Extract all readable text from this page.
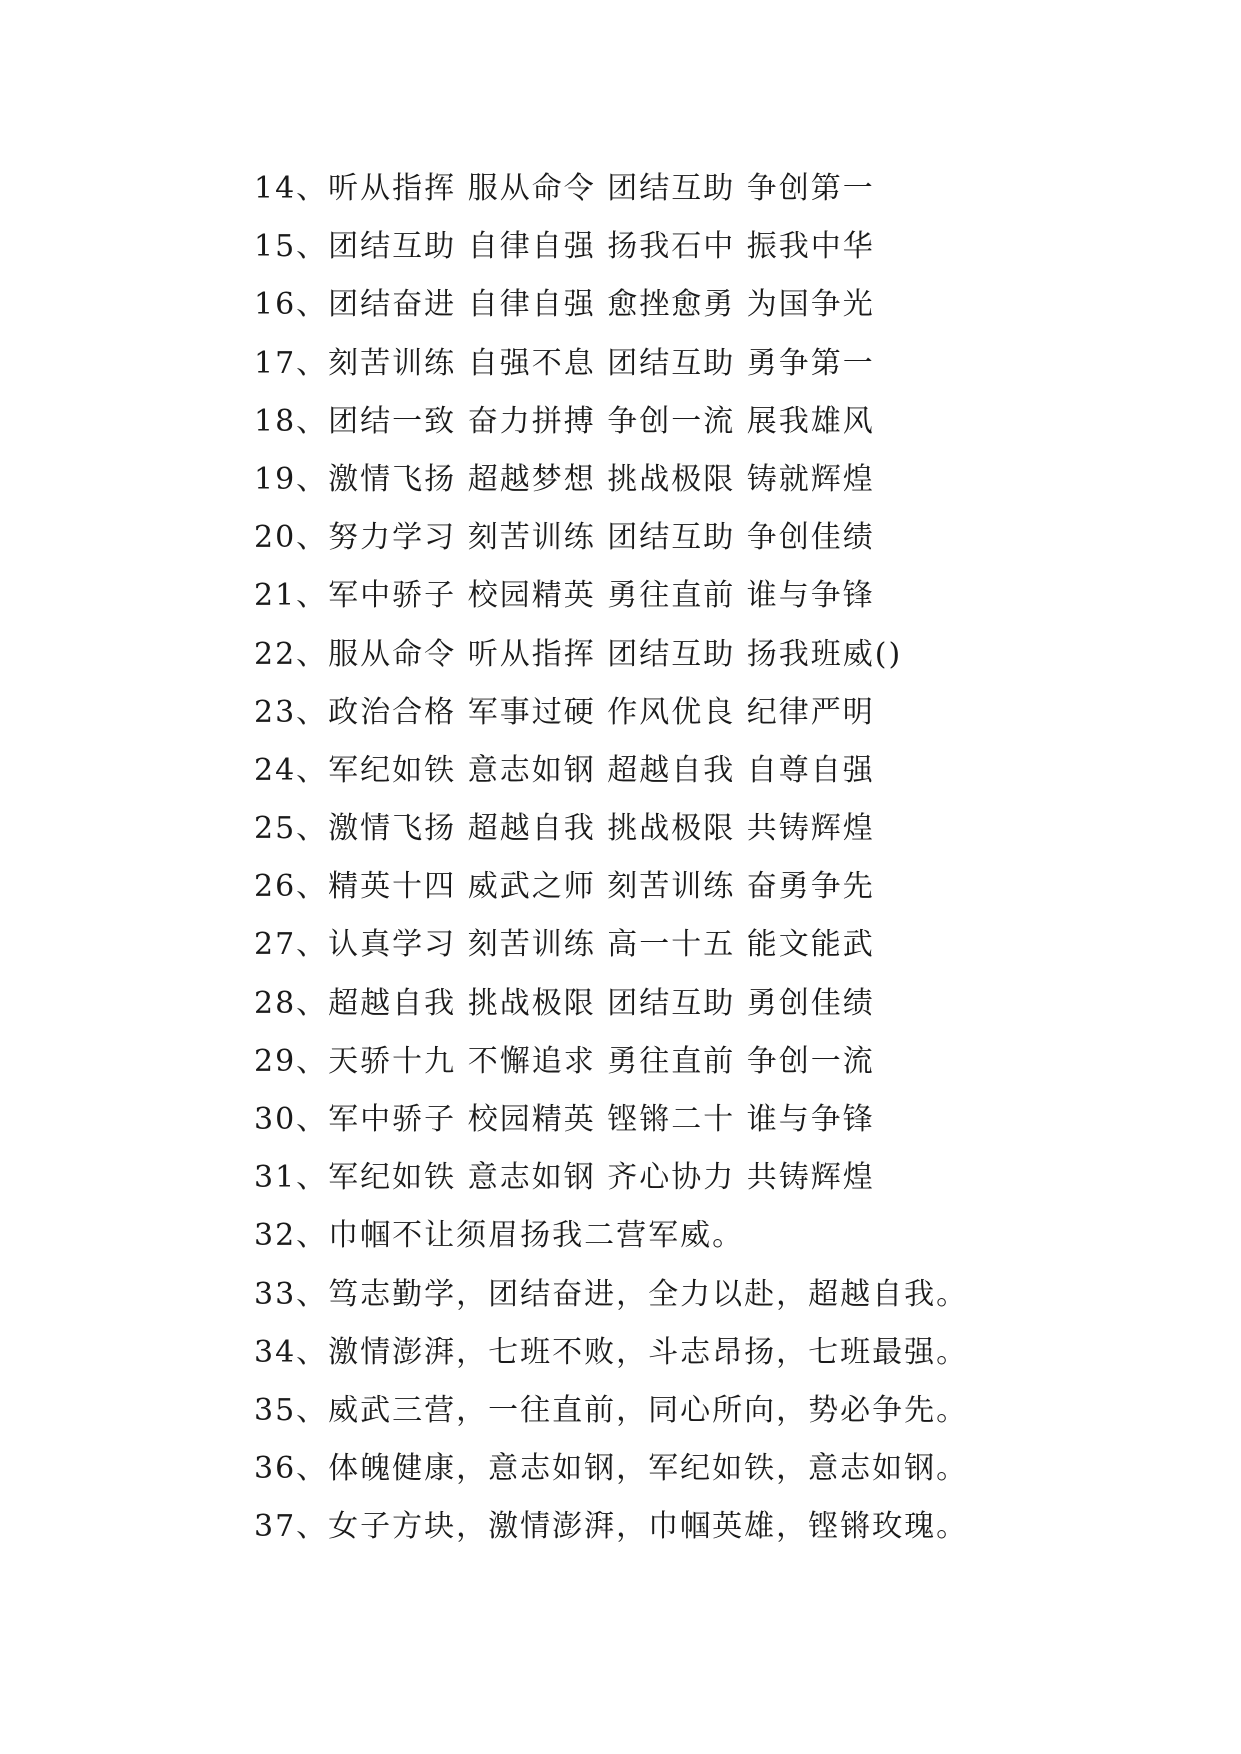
14、听从指挥 服从命令 团结互助 争创第一
15、团结互助 自律自强 扬我石中 振我中华
16、团结奋进 自律自强 愈挫愈勇 为国争光
17、刻苦训练 自强不息 团结互助 勇争第一
18、团结一致 奋力拼搏 争创一流 展我雄风
19、激情飞扬 超越梦想 挑战极限 铸就辉煌
20、努力学习 刻苦训练 团结互助 争创佳绩
21、军中骄子 校园精英 勇往直前 谁与争锋
22、服从命令 听从指挥 团结互助 扬我班威()
23、政治合格 军事过硬 作风优良 纪律严明
24、军纪如铁 意志如钢 超越自我 自尊自强
25、激情飞扬 超越自我 挑战极限 共铸辉煌
26、精英十四 威武之师 刻苦训练 奋勇争先
27、认真学习 刻苦训练 高一十五 能文能武
28、超越自我 挑战极限 团结互助 勇创佳绩
29、天骄十九 不懈追求 勇往直前 争创一流
30、军中骄子 校园精英 铿锵二十 谁与争锋
31、军纪如铁 意志如钢 齐心协力 共铸辉煌
32、巾帼不让须眉扬我二营军威。
33、笃志勤学，团结奋进，全力以赴，超越自我。
34、激情澎湃，七班不败，斗志昂扬，七班最强。
35、威武三营，一往直前，同心所向，势必争先。
36、体魄健康，意志如钢，军纪如铁，意志如钢。
37、女子方块，激情澎湃，巾帼英雄，铿锵玫瑰。
